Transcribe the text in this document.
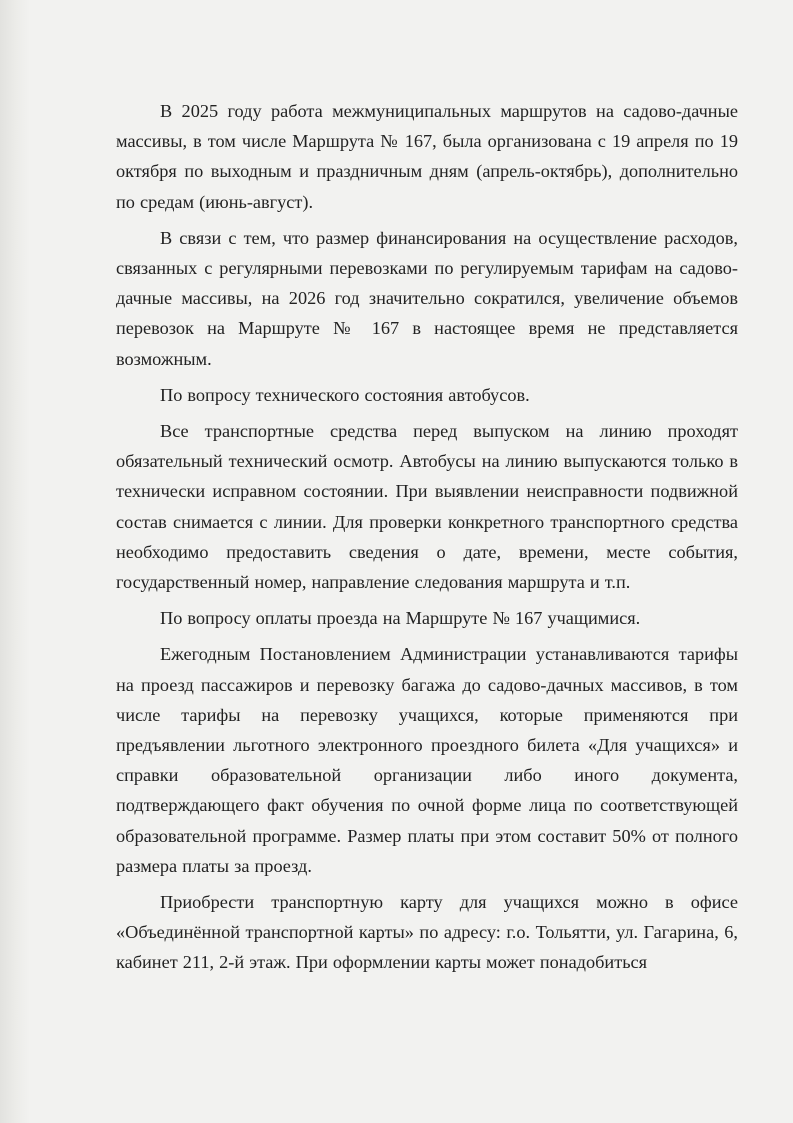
В 2025 году работа межмуниципальных маршрутов на садово-дачные массивы, в том числе Маршрута № 167, была организована с 19 апреля по 19 октября по выходным и праздничным дням (апрель-октябрь), дополнительно по средам (июнь-август).

В связи с тем, что размер финансирования на осуществление расходов, связанных с регулярными перевозками по регулируемым тарифам на садово-дачные массивы, на 2026 год значительно сократился, увеличение объемов перевозок на Маршруте № 167 в настоящее время не представляется возможным.

По вопросу технического состояния автобусов.

Все транспортные средства перед выпуском на линию проходят обязательный технический осмотр. Автобусы на линию выпускаются только в технически исправном состоянии. При выявлении неисправности подвижной состав снимается с линии. Для проверки конкретного транспортного средства необходимо предоставить сведения о дате, времени, месте события, государственный номер, направление следования маршрута и т.п.

По вопросу оплаты проезда на Маршруте № 167 учащимися.

Ежегодным Постановлением Администрации устанавливаются тарифы на проезд пассажиров и перевозку багажа до садово-дачных массивов, в том числе тарифы на перевозку учащихся, которые применяются при предъявлении льготного электронного проездного билета «Для учащихся» и справки образовательной организации либо иного документа, подтверждающего факт обучения по очной форме лица по соответствующей образовательной программе. Размер платы при этом составит 50% от полного размера платы за проезд.

Приобрести транспортную карту для учащихся можно в офисе «Объединённой транспортной карты» по адресу: г.о. Тольятти, ул. Гагарина, 6, кабинет 211, 2-й этаж. При оформлении карты может понадобиться
